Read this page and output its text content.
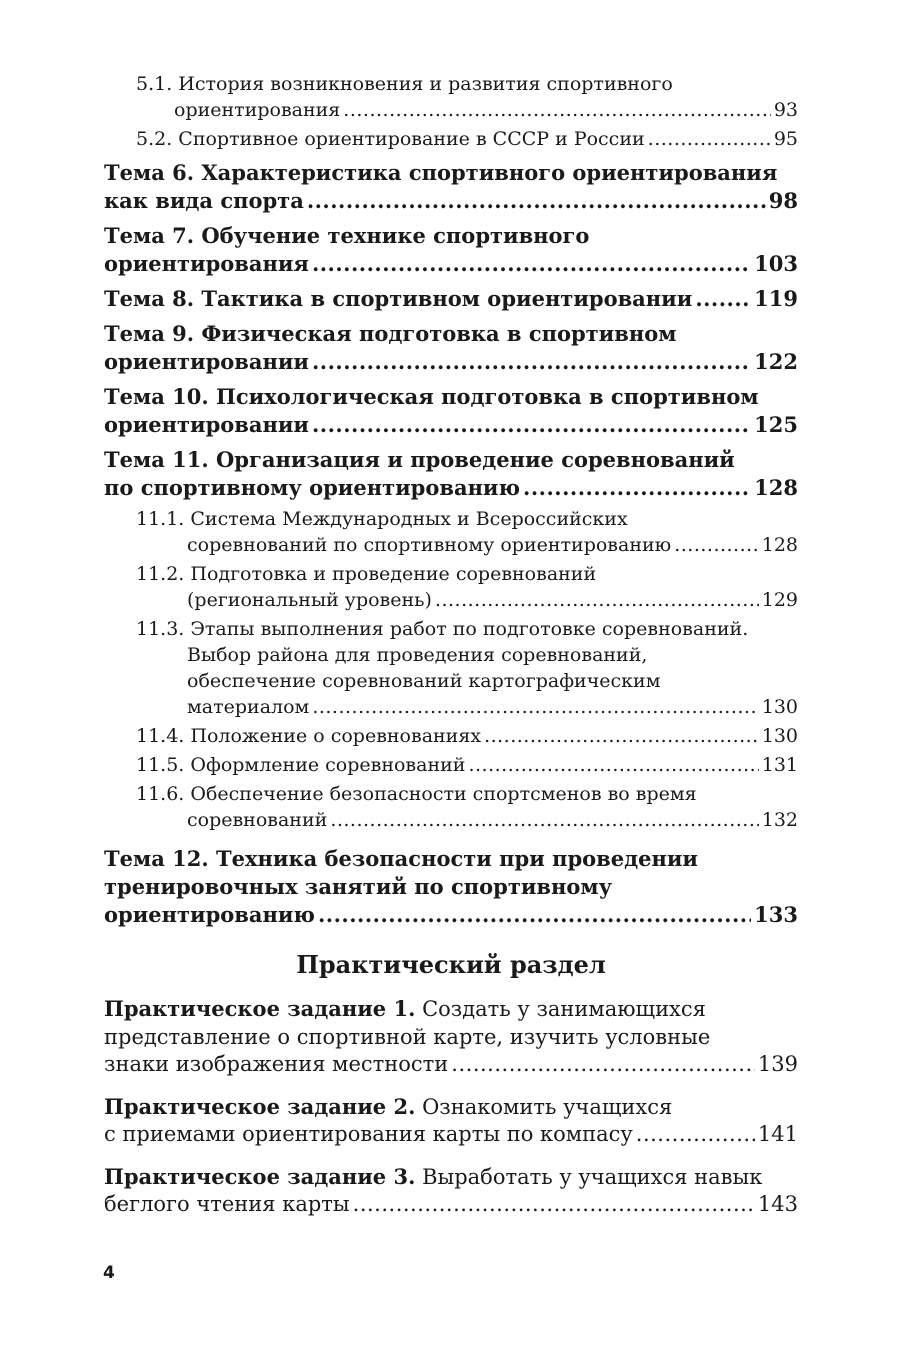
5.1. История возникновения и развития спортивного
ориентирования .....	93
5.2. Спортивное ориентирование в СССР и России .....	95
Тема 6. Характеристика спортивного ориентирования
как вида спорта .....	98
Тема 7. Обучение технике спортивного
ориентирования .....	103
Тема 8. Тактика в спортивном ориентировании .....	119
Тема 9. Физическая подготовка в спортивном
ориентировании .....	122
Тема 10. Психологическая подготовка в спортивном
ориентировании .....	125
Тема 11. Организация и проведение соревнований
по спортивному ориентированию .....	128
11.1. Система Международных и Всероссийских
соревнований по спортивному ориентированию .....	128
11.2. Подготовка и проведение соревнований
(региональный уровень) .....	129
11.3. Этапы выполнения работ по подготовке соревнований.
Выбор района для проведения соревнований,
обеспечение соревнований картографическим
материалом .....	130
11.4. Положение о соревнованиях .....	130
11.5. Оформление соревнований .....	131
11.6. Обеспечение безопасности спортсменов во время
соревнований .....	132
Тема 12. Техника безопасности при проведении
тренировочных занятий по спортивному
ориентированию .....	133
Практический раздел
Практическое задание 1. Создать у занимающихся
представление о спортивной карте, изучить условные
знаки изображения местности .....	139
Практическое задание 2. Ознакомить учащихся
с приемами ориентирования карты по компасу .....	141
Практическое задание 3. Выработать у учащихся навык
беглого чтения карты .....	143
4
